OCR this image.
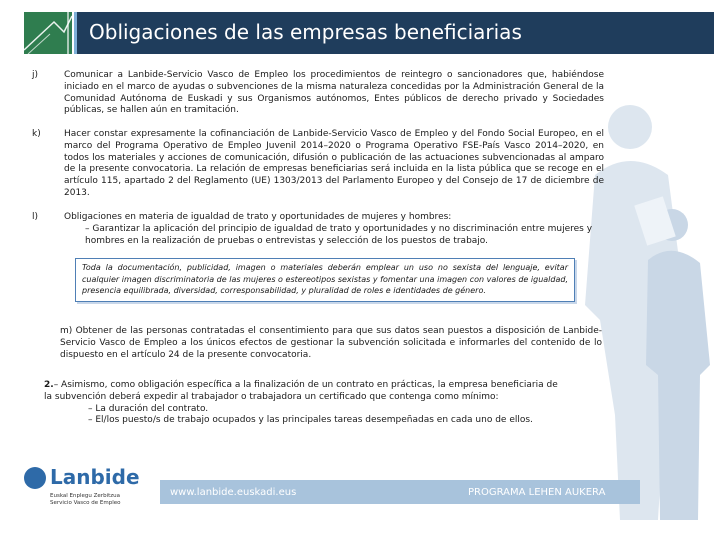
Obligaciones de las empresas beneficiarias
j)	Comunicar a Lanbide-Servicio Vasco de Empleo los procedimientos de reintegro o sancionadores que, habiéndose iniciado en el marco de ayudas o subvenciones de la misma naturaleza concedidas por la Administración General de la Comunidad Autónoma de Euskadi y sus Organismos autónomos, Entes públicos de derecho privado y Sociedades públicas, se hallen aún en tramitación.
k)	Hacer constar expresamente la cofinanciación de Lanbide-Servicio Vasco de Empleo y del Fondo Social Europeo, en el marco del Programa Operativo de Empleo Juvenil 2014–2020 o Programa Operativo FSE-País Vasco 2014–2020, en todos los materiales y acciones de comunicación, difusión o publicación de las actuaciones subvencionadas al amparo de la presente convocatoria. La relación de empresas beneficiarias será incluida en la lista pública que se recoge en el artículo 115, apartado 2 del Reglamento (UE) 1303/2013 del Parlamento Europeo y del Consejo de 17 de diciembre de 2013.
l)	Obligaciones en materia de igualdad de trato y oportunidades de mujeres y hombres:
– Garantizar la aplicación del principio de igualdad de trato y oportunidades y no discriminación entre mujeres y hombres en la realización de pruebas o entrevistas y selección de los puestos de trabajo.
Toda la documentación, publicidad, imagen o materiales deberán emplear un uso no sexista del lenguaje, evitar cualquier imagen discriminatoria de las mujeres o estereotipos sexistas y fomentar una imagen con valores de igualdad, presencia equilibrada, diversidad, corresponsabilidad, y pluralidad de roles e identidades de género.
m) Obtener de las personas contratadas el consentimiento para que sus datos sean puestos a disposición de Lanbide-Servicio Vasco de Empleo a los únicos efectos de gestionar la subvención solicitada e informarles del contenido de lo dispuesto en el artículo 24 de la presente convocatoria.
2.– Asimismo, como obligación específica a la finalización de un contrato en prácticas, la empresa beneficiaria de la subvención deberá expedir al trabajador o trabajadora un certificado que contenga como mínimo:
– La duración del contrato.
– El/los puesto/s de trabajo ocupados y las principales tareas desempeñadas en cada uno de ellos.
Lanbide
Euskal Enplegu Zerbitzua
Servicio Vasco de Empleo
www.lanbide.euskadi.eus	PROGRAMA LEHEN AUKERA
